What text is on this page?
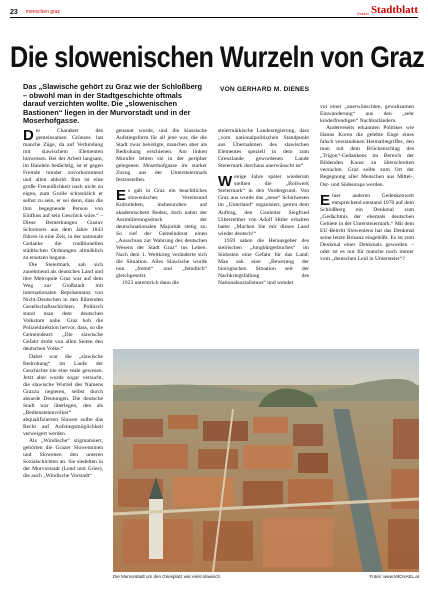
23 menschen graz	Grazer Stadtblatt
Die slowenischen Wurzeln von Graz
Das „Slawische gehört zu Graz wie der Schloßberg – obwohl man in der Stadtgeschichte oftmals darauf verzichten wollte. Die „slowenischen Bastionen“ liegen in der Murvorstadt und in der Moserhofgasse.
VON GERHARD M. DIENES

Der Charakter des gemeinsamen Grünzes hat manche Züge, da auf Verbindung mit slawischem Elementen hinweisen. Bei der Arbeit langsam, im Handeln bedächtig, ist er gegen Fremde minder zuvorkommend und allen abhold. Ihm ist eine große Freundlichkeit nach nicht zu eigen, zum Grolle schrecklich er selbst zu sein, er sei denn, dass die ihm begegnende Person von Einfluss auf sein Geschick wäre.“ – Diese Bemerkungen Gustav Schreiners aus dem Jahre 1843 führen in eine Zeit, in der nationale Gedanke die traditionellen städtischen Ordnungen allmählich zu ersetzen begann.

Die Steiermark sah sich zunehmend als deutsches Land und ihre Metropole Graz war auf dem Weg zur Großstadt mit internationalen Repräsentanz von Nicht-Deutschen in den führenden Gesellschaftsschichten. Politisch stand man dem deutschen Volkstum nahe. Graz hob die Polizeidirektion hervor, dass, so die Gemeindeart: „Die slawische Gefahr droht von allen Seiten den deutschen Volke.“

Dabei war die „slawische Bedrohung“ im Laufe der Geschichte nie eine reale gewesen. Jetzt aber wurde sogar versucht, die slawische Wurzel des Namens Grazzu negieren, selbst durch absurde Deutungen. Die deutsche Stadt war überlegen, den als „Bedienstetenvölker“ abqualifizierten Slawen sollte das Recht auf Aufstiegsmöglichkeit verweigert werden.

Als „Windische“ stigmatisiert, gehörten die Grazer Slowenninen und Slowenen den unteren Sozialschichten an. Sie siedelten in der Murvorstadt (Lend und Gries), die auch „Windische Vorstadt“

genannt wurde, und die klassische Aufstiegsform für all jene war, die die Stadt zwar benötigte, manchen aber als Bedrohung erschienen. Am linken Murufer lebten sie in der peripher gelegenen Moserhofgasse im starker Zuzug aus der Untersteiermark festzustellen.

Es gab in Graz ein beachtliches slowenisches Vereinsund Kulturleben, insbesondere auf akademischem Boden, doch nahm der Assimilierungsdruck der deutschnationalen Majorität stetig zu. So rief der Gemeinderat einen „Ausschuss zur Wahrung des deutschen Wesens der Stadt Graz“ ins Leben. Nach dem 1. Weltkrieg veränderte sich die Situation. Alles Slawische wurde nun „fremd“ und „feindlich“ gleichgesetzt.

1923 unterstrich dann die

steiermärkische Landesregierung, dass „vom nationalpolitischen Standpunkt aus Übernahmen des slawischen Elementes speziell in dem zum Grenzlande gewordenen Lande Steiermark durchaus unerwünscht ist“.

Wenige Jahre später wiederum stellten die „Bollwerk Steiermark“ in den Vordergrund. Von Graz aus wurde das „neue“ Schulwesen im „Unterland“ organisiert, getreu dem Auftrag, den Gauleiter Siegfried Uiberreither von Adolf Hitler erhalten hatte: „Machen Sie mir dieses Land wieder deutsch!“

1959 sahen die Herausgeber des steirischen „Jungbürgerbuches“ im Südosten eine Gefahr für das Land: Man sah eine „Bewerung der biologischen Situation seit der Nachkriegsfallung des Nationalsozialismus“ und wendet

vor einer „unerwünschten, gewaltsamen Einwanderung“ aus den „sehr kinderfreudigen“ Nachbarländern.

Andererseits erkannten Politiker wie Hanns Koren die gelebte Enge eines falsch verstandenen Heimatbegriffes, den man mit dem Brückenschlag des „Trigon“-Gedankens im Bereich der Bildenden Kunst zu überschreiten versuchte. Graz sollte zum Ort der Begegnung aller Menschen aus Mittel-, Ost- und Südeuropa werden.

Einer anderen Gedenkenwelt entsprechend entstand 1970 auf dem Schloßberg ein Denkmal zum „Gedächtnis der ehemals deutschen Gebiete in der Untersteiermark.“ Mit dem EU-Beitritt Sloweniens hat das Denkmal seine letzte Brisanz eingebüßt. Es ist zum Denkmal einer Denkmals geworden – oder ist es nur für manche noch immer vom „deutschen Leid in Untersteier“?

Die Murvorstadt um den Griesplatz war einst slawisch.	Fotos: www.MICHAEL.at
